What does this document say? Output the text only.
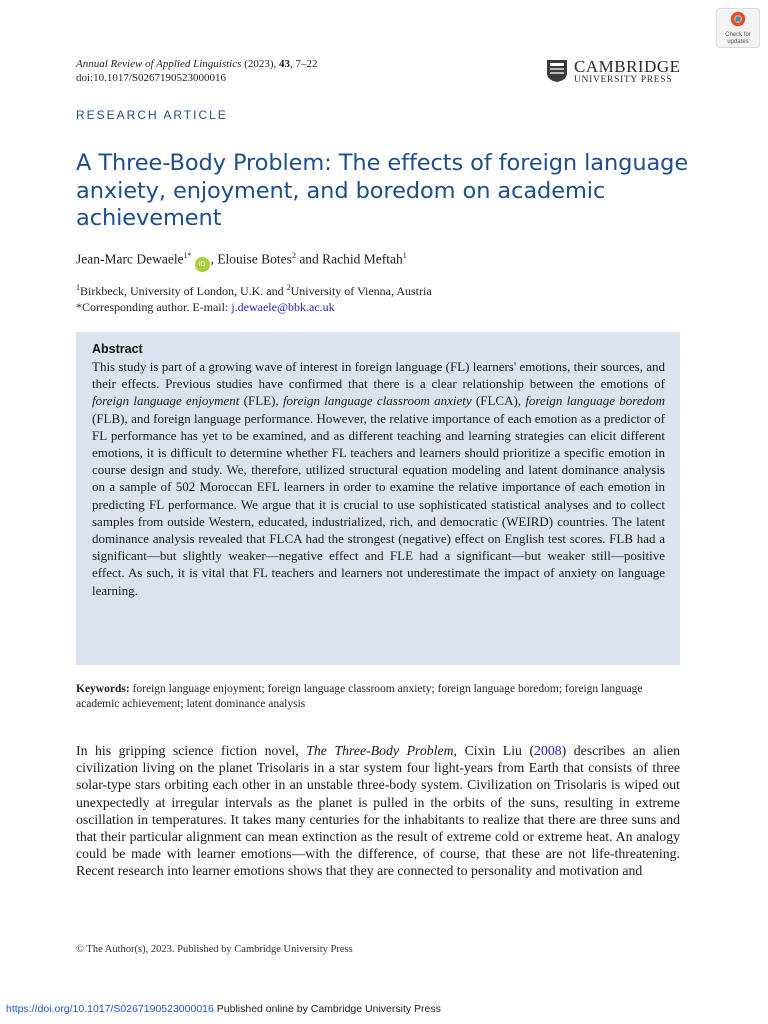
Check for
updates
Annual Review of Applied Linguistics (2023), 43, 7–22
doi:10.1017/S0267190523000016
CAMBRIDGE
UNIVERSITY PRESS
RESEARCH ARTICLE
A Three-Body Problem: The effects of foreign language anxiety, enjoyment, and boredom on academic achievement
Jean-Marc Dewaele$^{1*}$iD , Elouise Botes$^2$ and Rachid Meftah$^1$
$^1$Birkbeck, University of London, U.K. and $^2$University of Vienna, Austria
*Corresponding author. E-mail: j.dewaele@bbk.ac.uk
Abstract
This study is part of a growing wave of interest in foreign language (FL) learners' emotions, their sources, and their effects. Previous studies have confirmed that there is a clear relationship between the emotions of foreign language enjoyment (FLE), foreign language classroom anxiety (FLCA), foreign language boredom (FLB), and foreign language performance. However, the relative importance of each emotion as a predictor of FL performance has yet to be examined, and as different teaching and learning strategies can elicit different emotions, it is difficult to determine whether FL teachers and learners should prioritize a specific emotion in course design and study. We, therefore, utilized structural equation modeling and latent dominance analysis on a sample of 502 Moroccan EFL learners in order to examine the relative importance of each emotion in predicting FL performance. We argue that it is crucial to use sophisticated statistical analyses and to collect samples from outside Western, educated, industrialized, rich, and democratic (WEIRD) countries. The latent dominance analysis revealed that FLCA had the strongest (negative) effect on English test scores. FLB had a significant—but slightly weaker—negative effect and FLE had a significant—but weaker still—positive effect. As such, it is vital that FL teachers and learners not underestimate the impact of anxiety on language learning.
Keywords: foreign language enjoyment; foreign language classroom anxiety; foreign language boredom; foreign language academic achievement; latent dominance analysis
In his gripping science fiction novel, The Three-Body Problem, Cixin Liu (2008) describes an alien civilization living on the planet Trisolaris in a star system four light-years from Earth that consists of three solar-type stars orbiting each other in an unstable three-body system. Civilization on Trisolaris is wiped out unexpectedly at irregular intervals as the planet is pulled in the orbits of the suns, resulting in extreme oscillation in temperatures. It takes many centuries for the inhabitants to realize that there are three suns and that their particular alignment can mean extinction as the result of extreme cold or extreme heat. An analogy could be made with learner emotions—with the difference, of course, that these are not life-threatening. Recent research into learner emotions shows that they are connected to personality and motivation and
© The Author(s), 2023. Published by Cambridge University Press
https://doi.org/10.1017/S0267190523000016 Published online by Cambridge University Press
